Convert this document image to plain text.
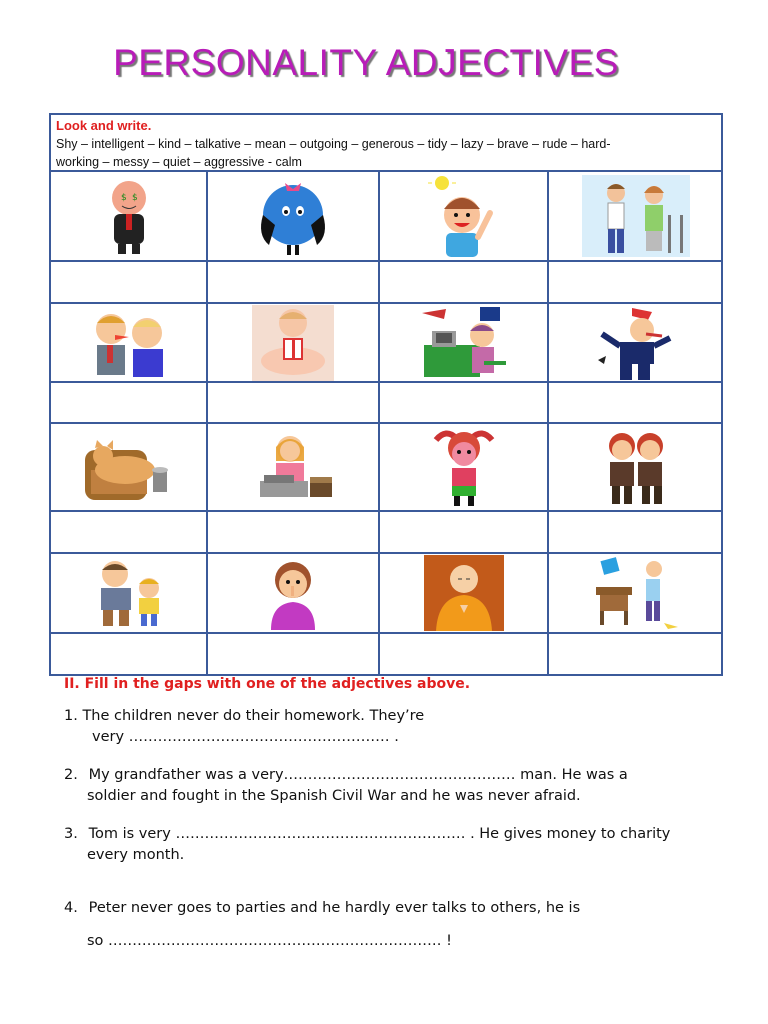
PERSONALITY ADJECTIVES
Look and write.
Shy – intelligent – kind – talkative – mean – outgoing – generous – tidy – lazy – brave – rude – hard-
working – messy – quiet – aggressive - calm
$ $
II. Fill in the gaps with one of the adjectives above.
1. The children never do their homework. They’re
very ……………………………………………… .
2. My grandfather was a very………………………………………… man. He was a
soldier and fought in the Spanish Civil War and he was never afraid.
3. Tom is very …………………………………………………… . He gives money to charity
every month.
4. Peter never goes to parties and he hardly ever talks to others, he is
so …………………………………………………………… !
